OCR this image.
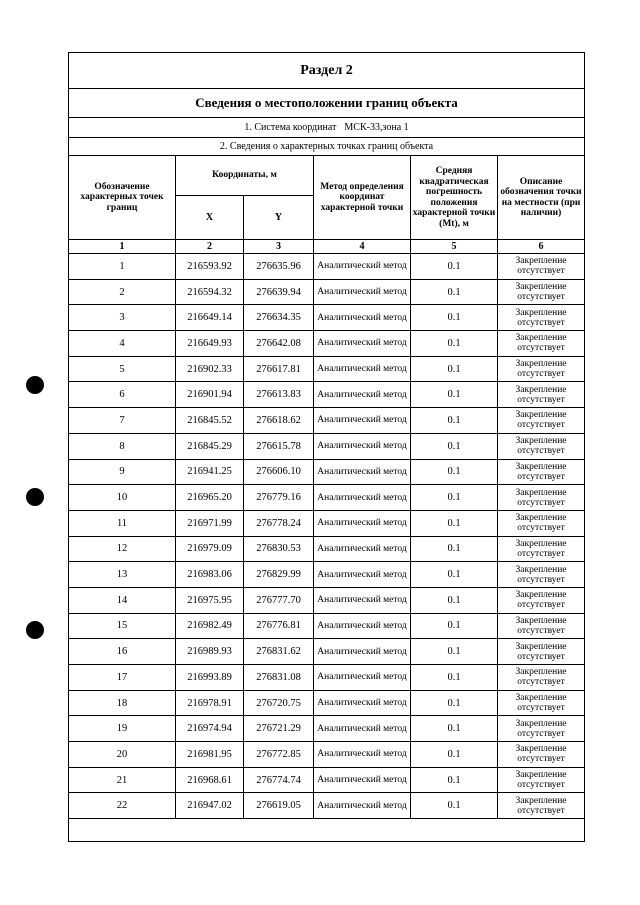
Раздел 2					
Сведения о местоположении границ объекта					
1. Система координат МСК-33,зона 1					
2. Сведения о характерных точках границ объекта					
Обозначение характерных точек границ	Координаты, м		Метод определения координат характерной точки	Средняя квадратическая погрешность положения характерной точки (Mt), м	Описание обозначения точки на местности (при наличии)
	X	Y			
1	2	3	4	5	6
1	216593.92	276635.96	Аналитический метод	0.1	Закрепление отсутствует
2	216594.32	276639.94	Аналитический метод	0.1	Закрепление отсутствует
3	216649.14	276634.35	Аналитический метод	0.1	Закрепление отсутствует
4	216649.93	276642.08	Аналитический метод	0.1	Закрепление отсутствует
5	216902.33	276617.81	Аналитический метод	0.1	Закрепление отсутствует
6	216901.94	276613.83	Аналитический метод	0.1	Закрепление отсутствует
7	216845.52	276618.62	Аналитический метод	0.1	Закрепление отсутствует
8	216845.29	276615.78	Аналитический метод	0.1	Закрепление отсутствует
9	216941.25	276606.10	Аналитический метод	0.1	Закрепление отсутствует
10	216965.20	276779.16	Аналитический метод	0.1	Закрепление отсутствует
11	216971.99	276778.24	Аналитический метод	0.1	Закрепление отсутствует
12	216979.09	276830.53	Аналитический метод	0.1	Закрепление отсутствует
13	216983.06	276829.99	Аналитический метод	0.1	Закрепление отсутствует
14	216975.95	276777.70	Аналитический метод	0.1	Закрепление отсутствует
15	216982.49	276776.81	Аналитический метод	0.1	Закрепление отсутствует
16	216989.93	276831.62	Аналитический метод	0.1	Закрепление отсутствует
17	216993.89	276831.08	Аналитический метод	0.1	Закрепление отсутствует
18	216978.91	276720.75	Аналитический метод	0.1	Закрепление отсутствует
19	216974.94	276721.29	Аналитический метод	0.1	Закрепление отсутствует
20	216981.95	276772.85	Аналитический метод	0.1	Закрепление отсутствует
21	216968.61	276774.74	Аналитический метод	0.1	Закрепление отсутствует
22	216947.02	276619.05	Аналитический метод	0.1	Закрепление отсутствует
